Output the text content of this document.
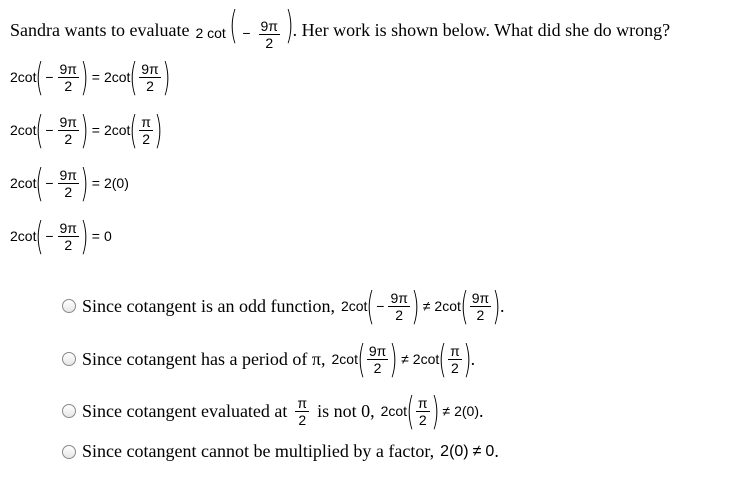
Sandra wants to evaluate 2 cot ( − $\frac{9\pi}{2}$ ) . Her work is shown below. What did she do wrong?
2 cot ( − $\frac{9\pi}{2}$ ) = 2cot ( $\frac{9\pi}{2}$ )
2 cot ( − $\frac{9\pi}{2}$ ) = 2cot ( $\frac{\pi}{2}$ )
2 cot ( − $\frac{9\pi}{2}$ ) = 2(0)
2 cot ( − $\frac{9\pi}{2}$ ) = 0
Since cotangent is an odd function, 2cot ( − $\frac{9\pi}{2}$ ) ≠ 2cot ( $\frac{9\pi}{2}$ ) .
Since cotangent has a period of π, 2cot ( $\frac{9\pi}{2}$ ) ≠ 2cot ( $\frac{\pi}{2}$ ) .
Since cotangent evaluated at $\frac{\pi}{2}$ is not 0, 2cot ( $\frac{\pi}{2}$ ) ≠ 2(0) .
Since cotangent cannot be multiplied by a factor, 2(0) ≠ 0 .
